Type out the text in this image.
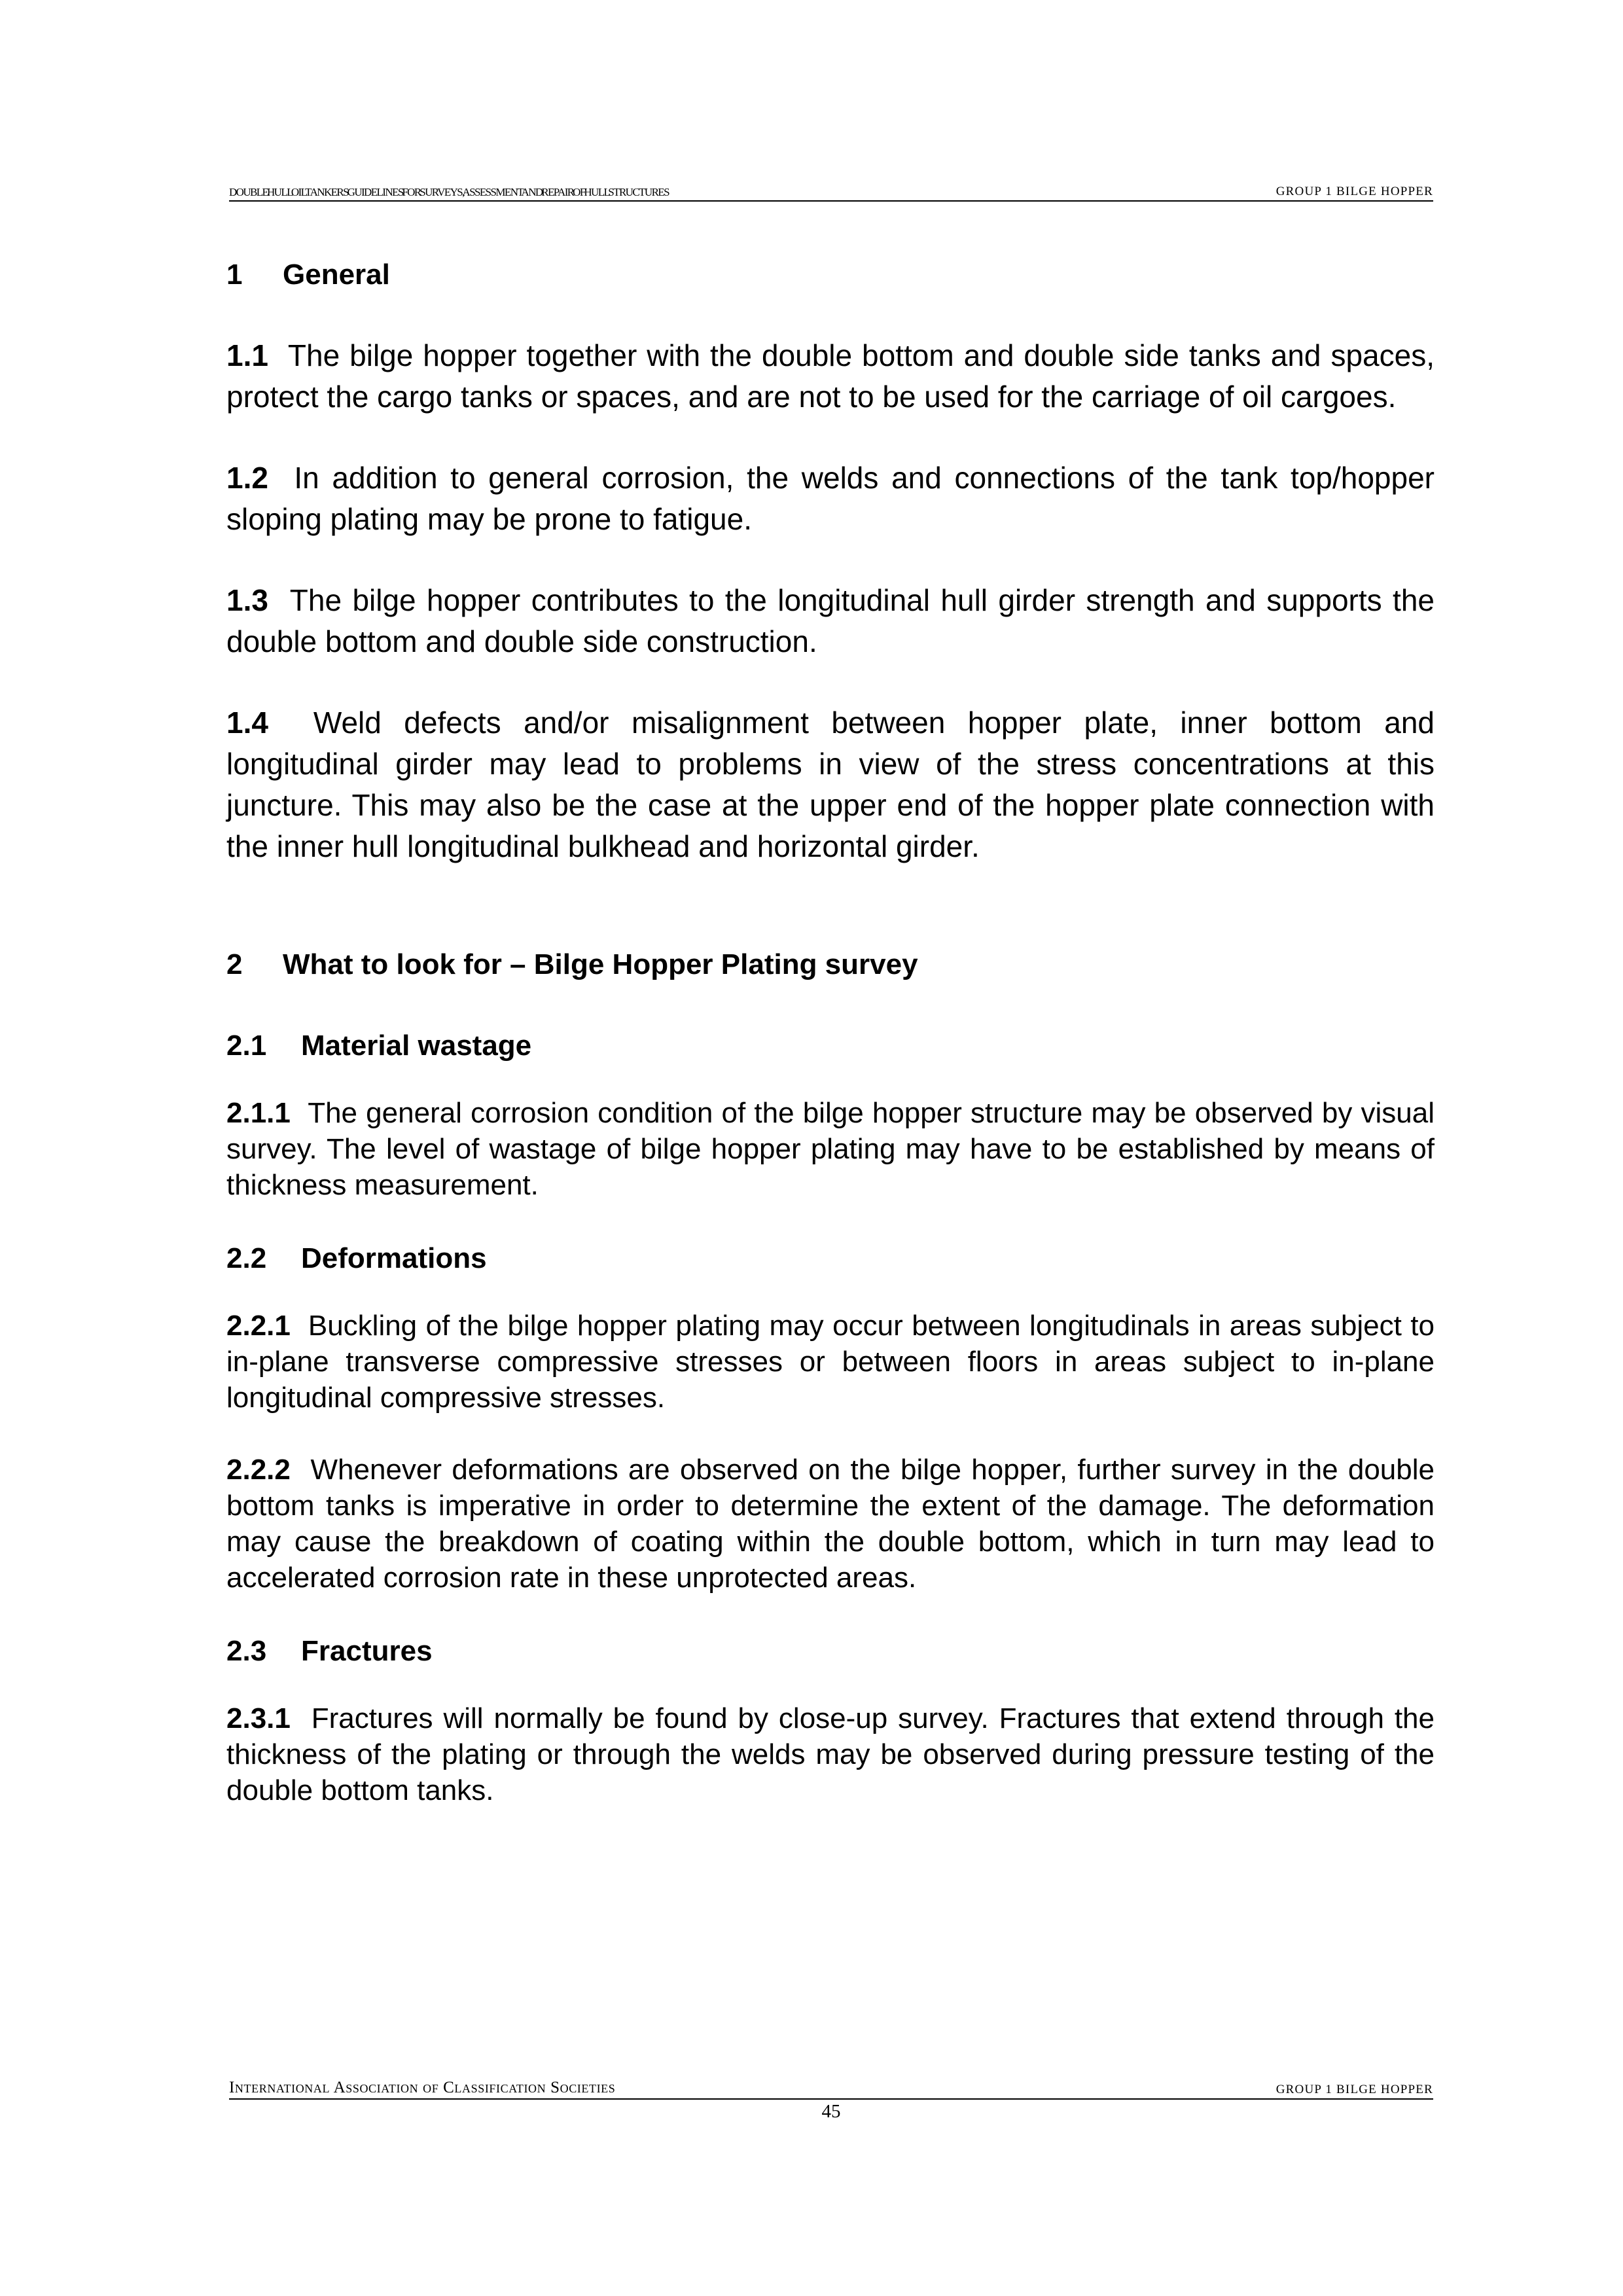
DOUBLE HULL OIL TANKERS GUIDELINES FOR SURVEYS, ASSESSMENT AND REPAIR OF HULL STRUCTURES	GROUP 1 BILGE HOPPER
1 General

1.1 The bilge hopper together with the double bottom and double side tanks and spaces, protect the cargo tanks or spaces, and are not to be used for the carriage of oil cargoes.

1.2 In addition to general corrosion, the welds and connections of the tank top/hopper sloping plating may be prone to fatigue.

1.3 The bilge hopper contributes to the longitudinal hull girder strength and supports the double bottom and double side construction.

1.4 Weld defects and/or misalignment between hopper plate, inner bottom and longitudinal girder may lead to problems in view of the stress concentrations at this juncture. This may also be the case at the upper end of the hopper plate connection with the inner hull longitudinal bulkhead and horizontal girder.

2 What to look for – Bilge Hopper Plating survey
2.1 Material wastage

2.1.1 The general corrosion condition of the bilge hopper structure may be observed by visual survey. The level of wastage of bilge hopper plating may have to be established by means of thickness measurement.

2.2 Deformations

2.2.1 Buckling of the bilge hopper plating may occur between longitudinals in areas subject to in-plane transverse compressive stresses or between floors in areas subject to in-plane longitudinal compressive stresses.

2.2.2 Whenever deformations are observed on the bilge hopper, further survey in the double bottom tanks is imperative in order to determine the extent of the damage. The deformation may cause the breakdown of coating within the double bottom, which in turn may lead to accelerated corrosion rate in these unprotected areas.

2.3 Fractures

2.3.1 Fractures will normally be found by close-up survey. Fractures that extend through the thickness of the plating or through the welds may be observed during pressure testing of the double bottom tanks.

International Association of Classification Societies	GROUP 1 BILGE HOPPER
45
